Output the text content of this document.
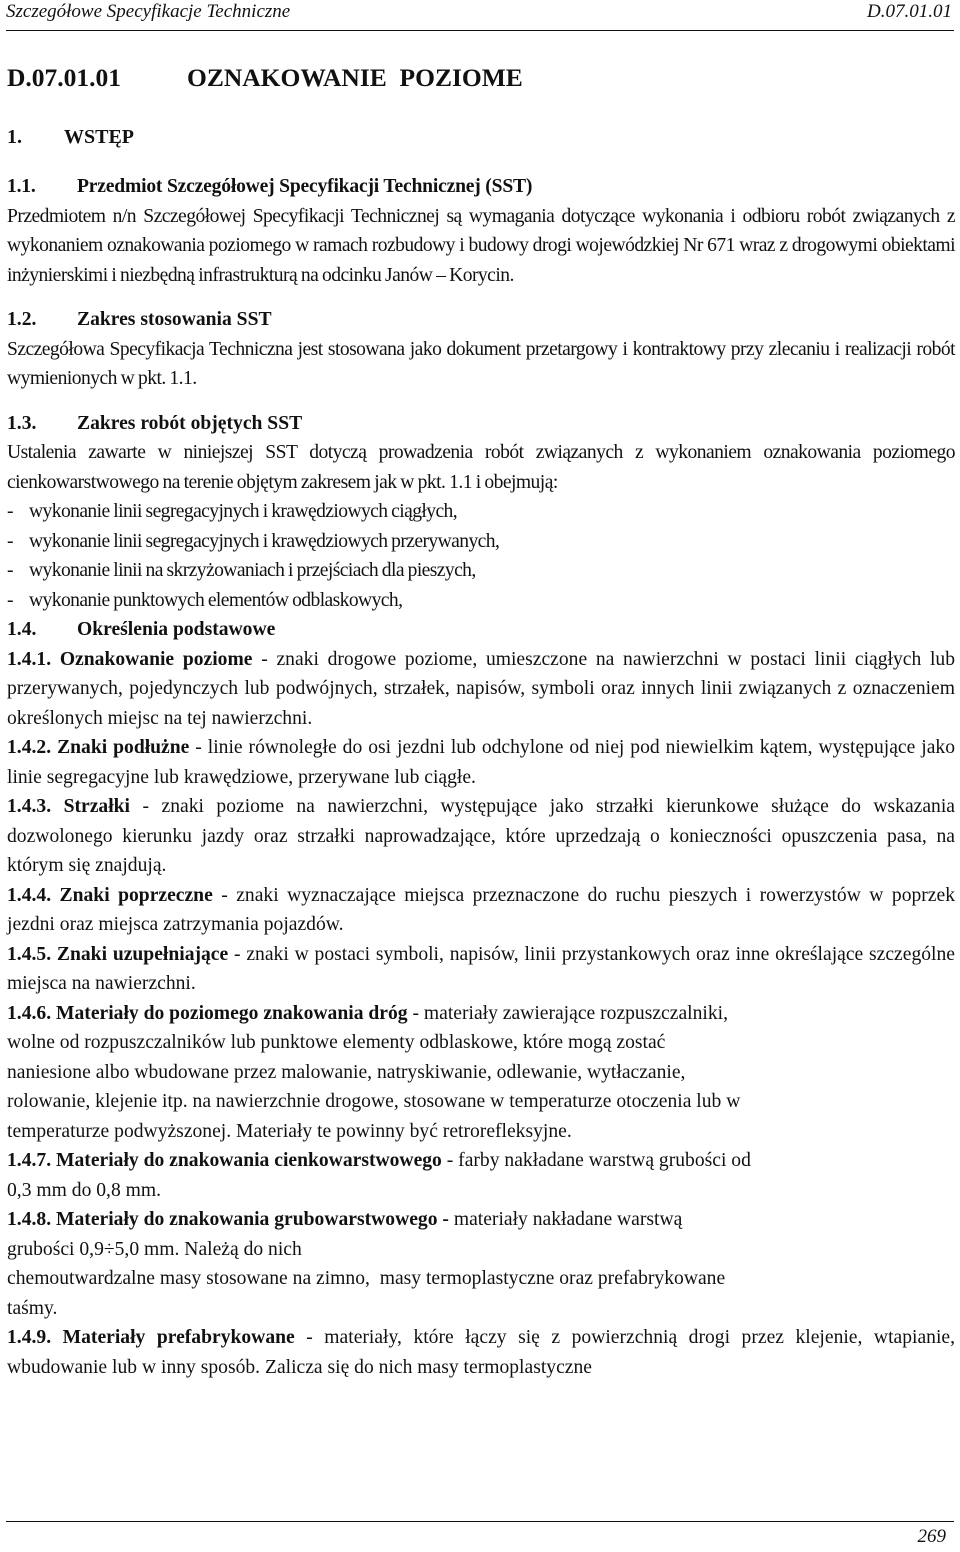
Szczegółowe Specyfikacje Techniczne	D.07.01.01
D.07.01.01	OZNAKOWANIE  POZIOME
1. WSTĘP

1.1. Przedmiot Szczegółowej Specyfikacji Technicznej (SST)

Przedmiotem n/n Szczegółowej Specyfikacji Technicznej są wymagania dotyczące wykonania i odbioru robót związanych z wykonaniem oznakowania poziomego w ramach rozbudowy i budowy drogi wojewódzkiej Nr 671 wraz z drogowymi obiektami inżynierskimi i niezbędną infrastrukturą na odcinku Janów – Korycin.

1.2. Zakres stosowania SST

Szczegółowa Specyfikacja Techniczna jest stosowana jako dokument przetargowy i kontraktowy przy zlecaniu i realizacji robót wymienionych w pkt. 1.1.

1.3. Zakres robót objętych SST

Ustalenia zawarte w niniejszej SST dotyczą prowadzenia robót związanych z wykonaniem oznakowania poziomego cienkowarstwowego na terenie objętym zakresem jak w pkt. 1.1 i obejmują:

- wykonanie linii segregacyjnych i krawędziowych ciągłych,
- wykonanie linii segregacyjnych i krawędziowych przerywanych,
- wykonanie linii na skrzyżowaniach i przejściach dla pieszych,
- wykonanie punktowych elementów odblaskowych,

1.4. Określenia podstawowe

1.4.1. Oznakowanie poziome - znaki drogowe poziome, umieszczone na nawierzchni w postaci linii ciągłych lub przerywanych, pojedynczych lub podwójnych, strzałek, napisów, symboli oraz innych linii związanych z oznaczeniem określonych miejsc na tej nawierzchni.

1.4.2. Znaki podłużne - linie równoległe do osi jezdni lub odchylone od niej pod niewielkim kątem, występujące jako linie segregacyjne lub krawędziowe, przerywane lub ciągłe.

1.4.3. Strzałki - znaki poziome na nawierzchni, występujące jako strzałki kierunkowe służące do wskazania dozwolonego kierunku jazdy oraz strzałki naprowadzające, które uprzedzają o konieczności opuszczenia pasa, na którym się znajdują.

1.4.4. Znaki poprzeczne - znaki wyznaczające miejsca przeznaczone do ruchu pieszych i rowerzystów w poprzek jezdni oraz miejsca zatrzymania pojazdów.

1.4.5. Znaki uzupełniające - znaki w postaci symboli, napisów, linii przystankowych oraz inne określające szczególne miejsca na nawierzchni.

1.4.6. Materiały do poziomego znakowania dróg - materiały zawierające rozpuszczalniki,
wolne od rozpuszczalników lub punktowe elementy odblaskowe, które mogą zostać
naniesione albo wbudowane przez malowanie, natryskiwanie, odlewanie, wytłaczanie,
rolowanie, klejenie itp. na nawierzchnie drogowe, stosowane w temperaturze otoczenia lub w
temperaturze podwyższonej. Materiały te powinny być retrorefleksyjne.
1.4.7. Materiały do znakowania cienkowarstwowego - farby nakładane warstwą grubości od
0,3 mm do 0,8 mm.
1.4.8. Materiały do znakowania grubowarstwowego - materiały nakładane warstwą
grubości 0,9÷5,0 mm. Należą do nich
chemoutwardzalne masy stosowane na zimno,  masy termoplastyczne oraz prefabrykowane
taśmy.

1.4.9. Materiały prefabrykowane - materiały, które łączy się z powierzchnią drogi przez klejenie, wtapianie, wbudowanie lub w inny sposób. Zalicza się do nich masy termoplastyczne

269
